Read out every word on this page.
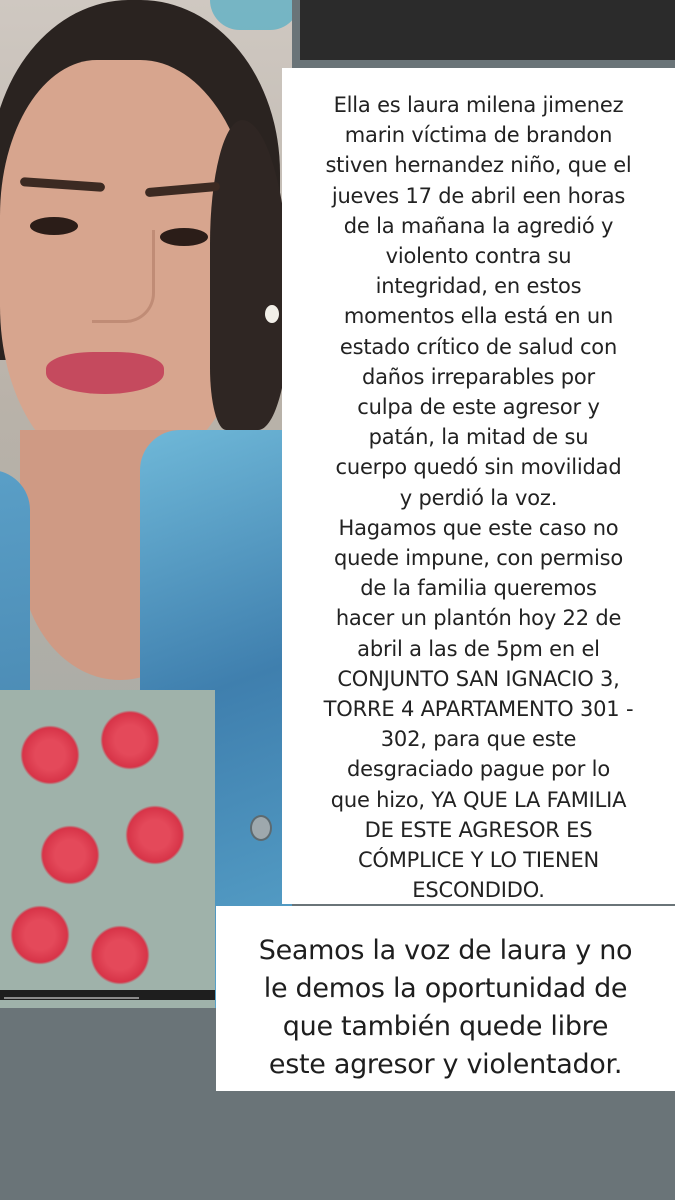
Ella es laura milena jimenez
marin víctima de brandon
stiven hernandez niño, que el
jueves 17 de abril een horas
de la mañana la agredió y
violento contra su
integridad, en estos
momentos ella está en un
estado crítico de salud con
daños irreparables por
culpa de este agresor y
patán, la mitad de su
cuerpo quedó sin movilidad
y perdió la voz.
Hagamos que este caso no
quede impune, con permiso
de la familia queremos
hacer un plantón hoy 22 de
abril a las de 5pm en el
CONJUNTO SAN IGNACIO 3,
TORRE 4 APARTAMENTO 301 -
302, para que este
desgraciado pague por lo
que hizo, YA QUE LA FAMILIA
DE ESTE AGRESOR ES
CÓMPLICE Y LO TIENEN
ESCONDIDO.
Seamos la voz de laura y no
le demos la oportunidad de
que también quede libre
este agresor y violentador.
